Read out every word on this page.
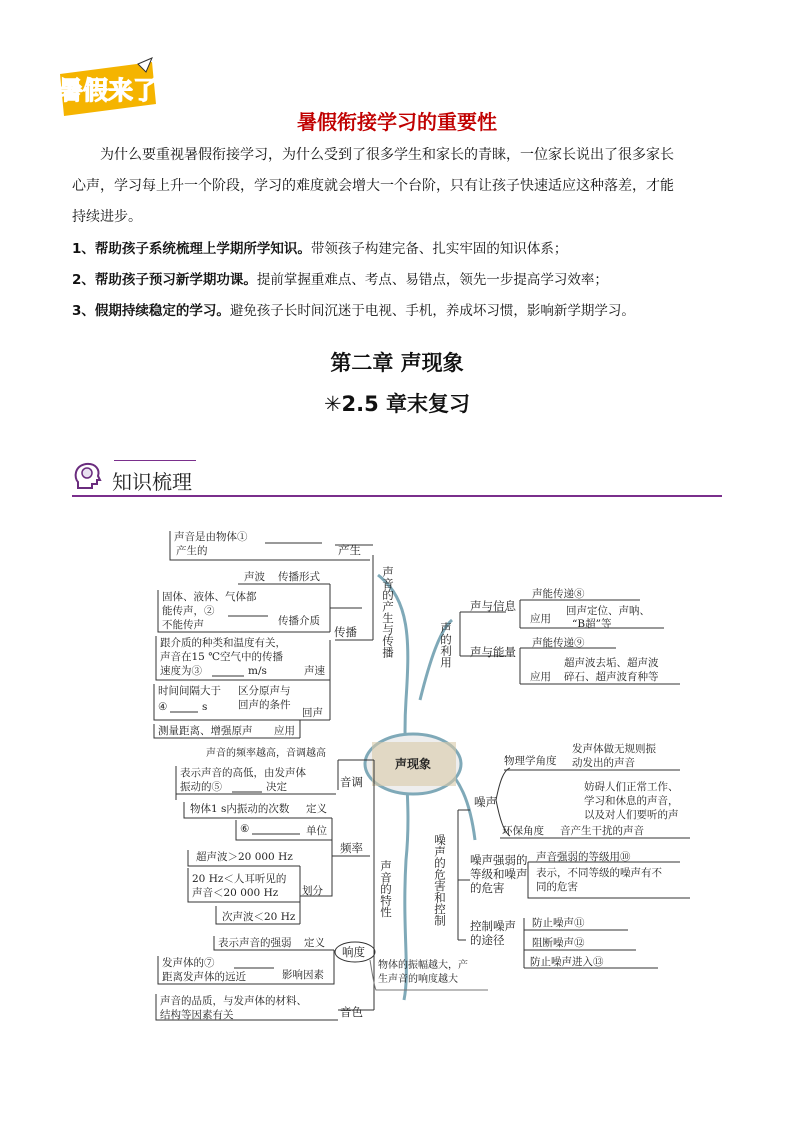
暑假来了
暑假衔接学习的重要性
为什么要重视暑假衔接学习，为什么受到了很多学生和家长的青睐，一位家长说出了很多家长
心声，学习每上升一个阶段，学习的难度就会增大一个台阶，只有让孩子快速适应这种落差，才能
持续进步。
1、帮助孩子系统梳理上学期所学知识。带领孩子构建完备、扎实牢固的知识体系；
2、帮助孩子预习新学期功课。提前掌握重难点、考点、易错点，领先一步提高学习效率；
3、假期持续稳定的学习。避免孩子长时间沉迷于电视、手机，养成坏习惯，影响新学期学习。
第二章 声现象
✳2.5 章末复习
知识梳理
声现象
声音的产生与传播
声音是由物体①
产生的	产生
声波 传播形式
固体、液体、气体都
能传声，②
不能传声	传播介质
传播
跟介质的种类和温度有关，
声音在15 ℃空气中的传播
速度为③	m/s	声速
时间间隔大于 区分原声与
④	s	回声的条件
回声
测量距离、增强原声 应用
声音的特性
声音的频率越高，音调越高
表示声音的高低，由发声体
振动的⑤	决定	音调
物体1 s内振动的次数 定义
⑥	单位
频率
超声波＞20 000 Hz
20 Hz＜人耳听见的
声音＜20 000 Hz 划分
次声波＜20 Hz
表示声音的强弱 定义
发声体的⑦
距离发声体的远近	影响因素
响度
物体的振幅越大，产
生声音的响度越大
声音的品质，与发声体的材料、
结构等因素有关	音色
声的利用
声与信息
声能传递⑧
回声定位、声呐、
“B超”等
应用
声与能量
声能传递⑨
超声波去垢、超声波
碎石、超声波育种等
应用
噪声的危害和控制
噪声
物理学角度
发声体做无规则振
动发出的声音
妨碍人们正常工作、
学习和休息的声音，
以及对人们要听的声
环保角度 音产生干扰的声音
噪声强弱的
等级和噪声
的危害
声音强弱的等级用⑩
表示，不同等级的噪声有不
同的危害
控制噪声
的途径
防止噪声⑪
阻断噪声⑫
防止噪声进入⑬
